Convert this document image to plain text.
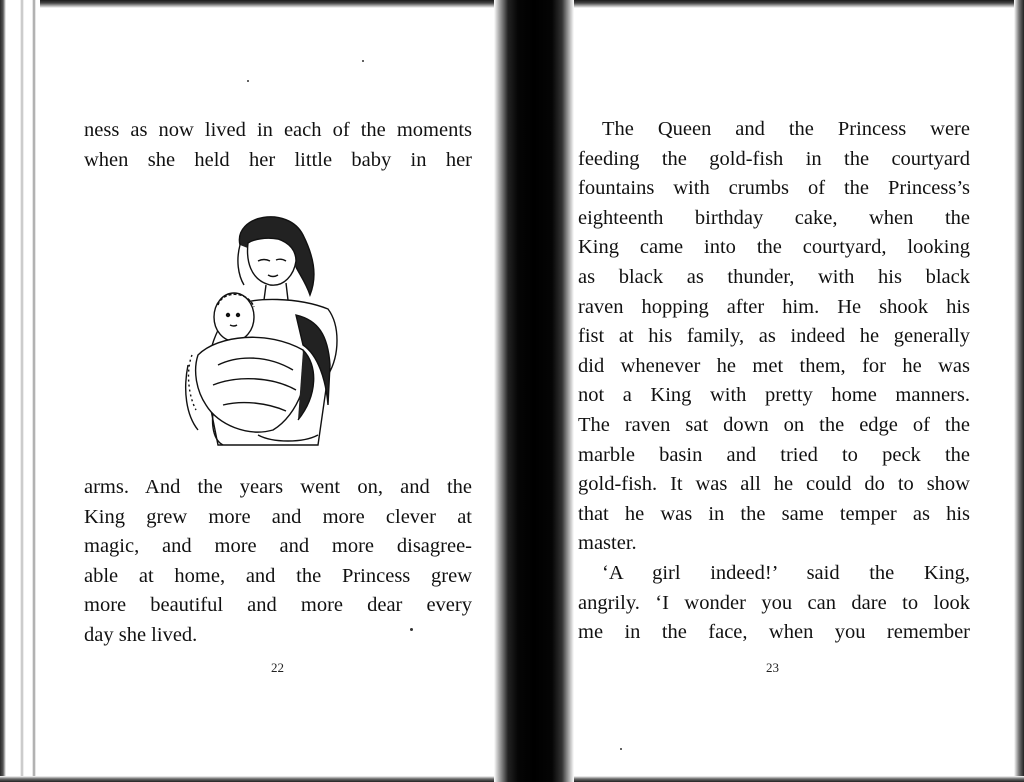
ness as now lived in each of the moments

when she held her little baby in her

arms. And the years went on, and the

King grew more and more clever at

magic, and more and more disagree-

able at home, and the Princess grew

more beautiful and more dear every

day she lived.

22

The Queen and the Princess were

feeding the gold-fish in the courtyard

fountains with crumbs of the Princess’s

eighteenth birthday cake, when the

King came into the courtyard, looking

as black as thunder, with his black

raven hopping after him. He shook his

fist at his family, as indeed he generally

did whenever he met them, for he was

not a King with pretty home manners.

The raven sat down on the edge of the

marble basin and tried to peck the

gold-fish. It was all he could do to show

that he was in the same temper as his

master.

‘A girl indeed!’ said the King,

angrily. ‘I wonder you can dare to look

me in the face, when you remember

23
